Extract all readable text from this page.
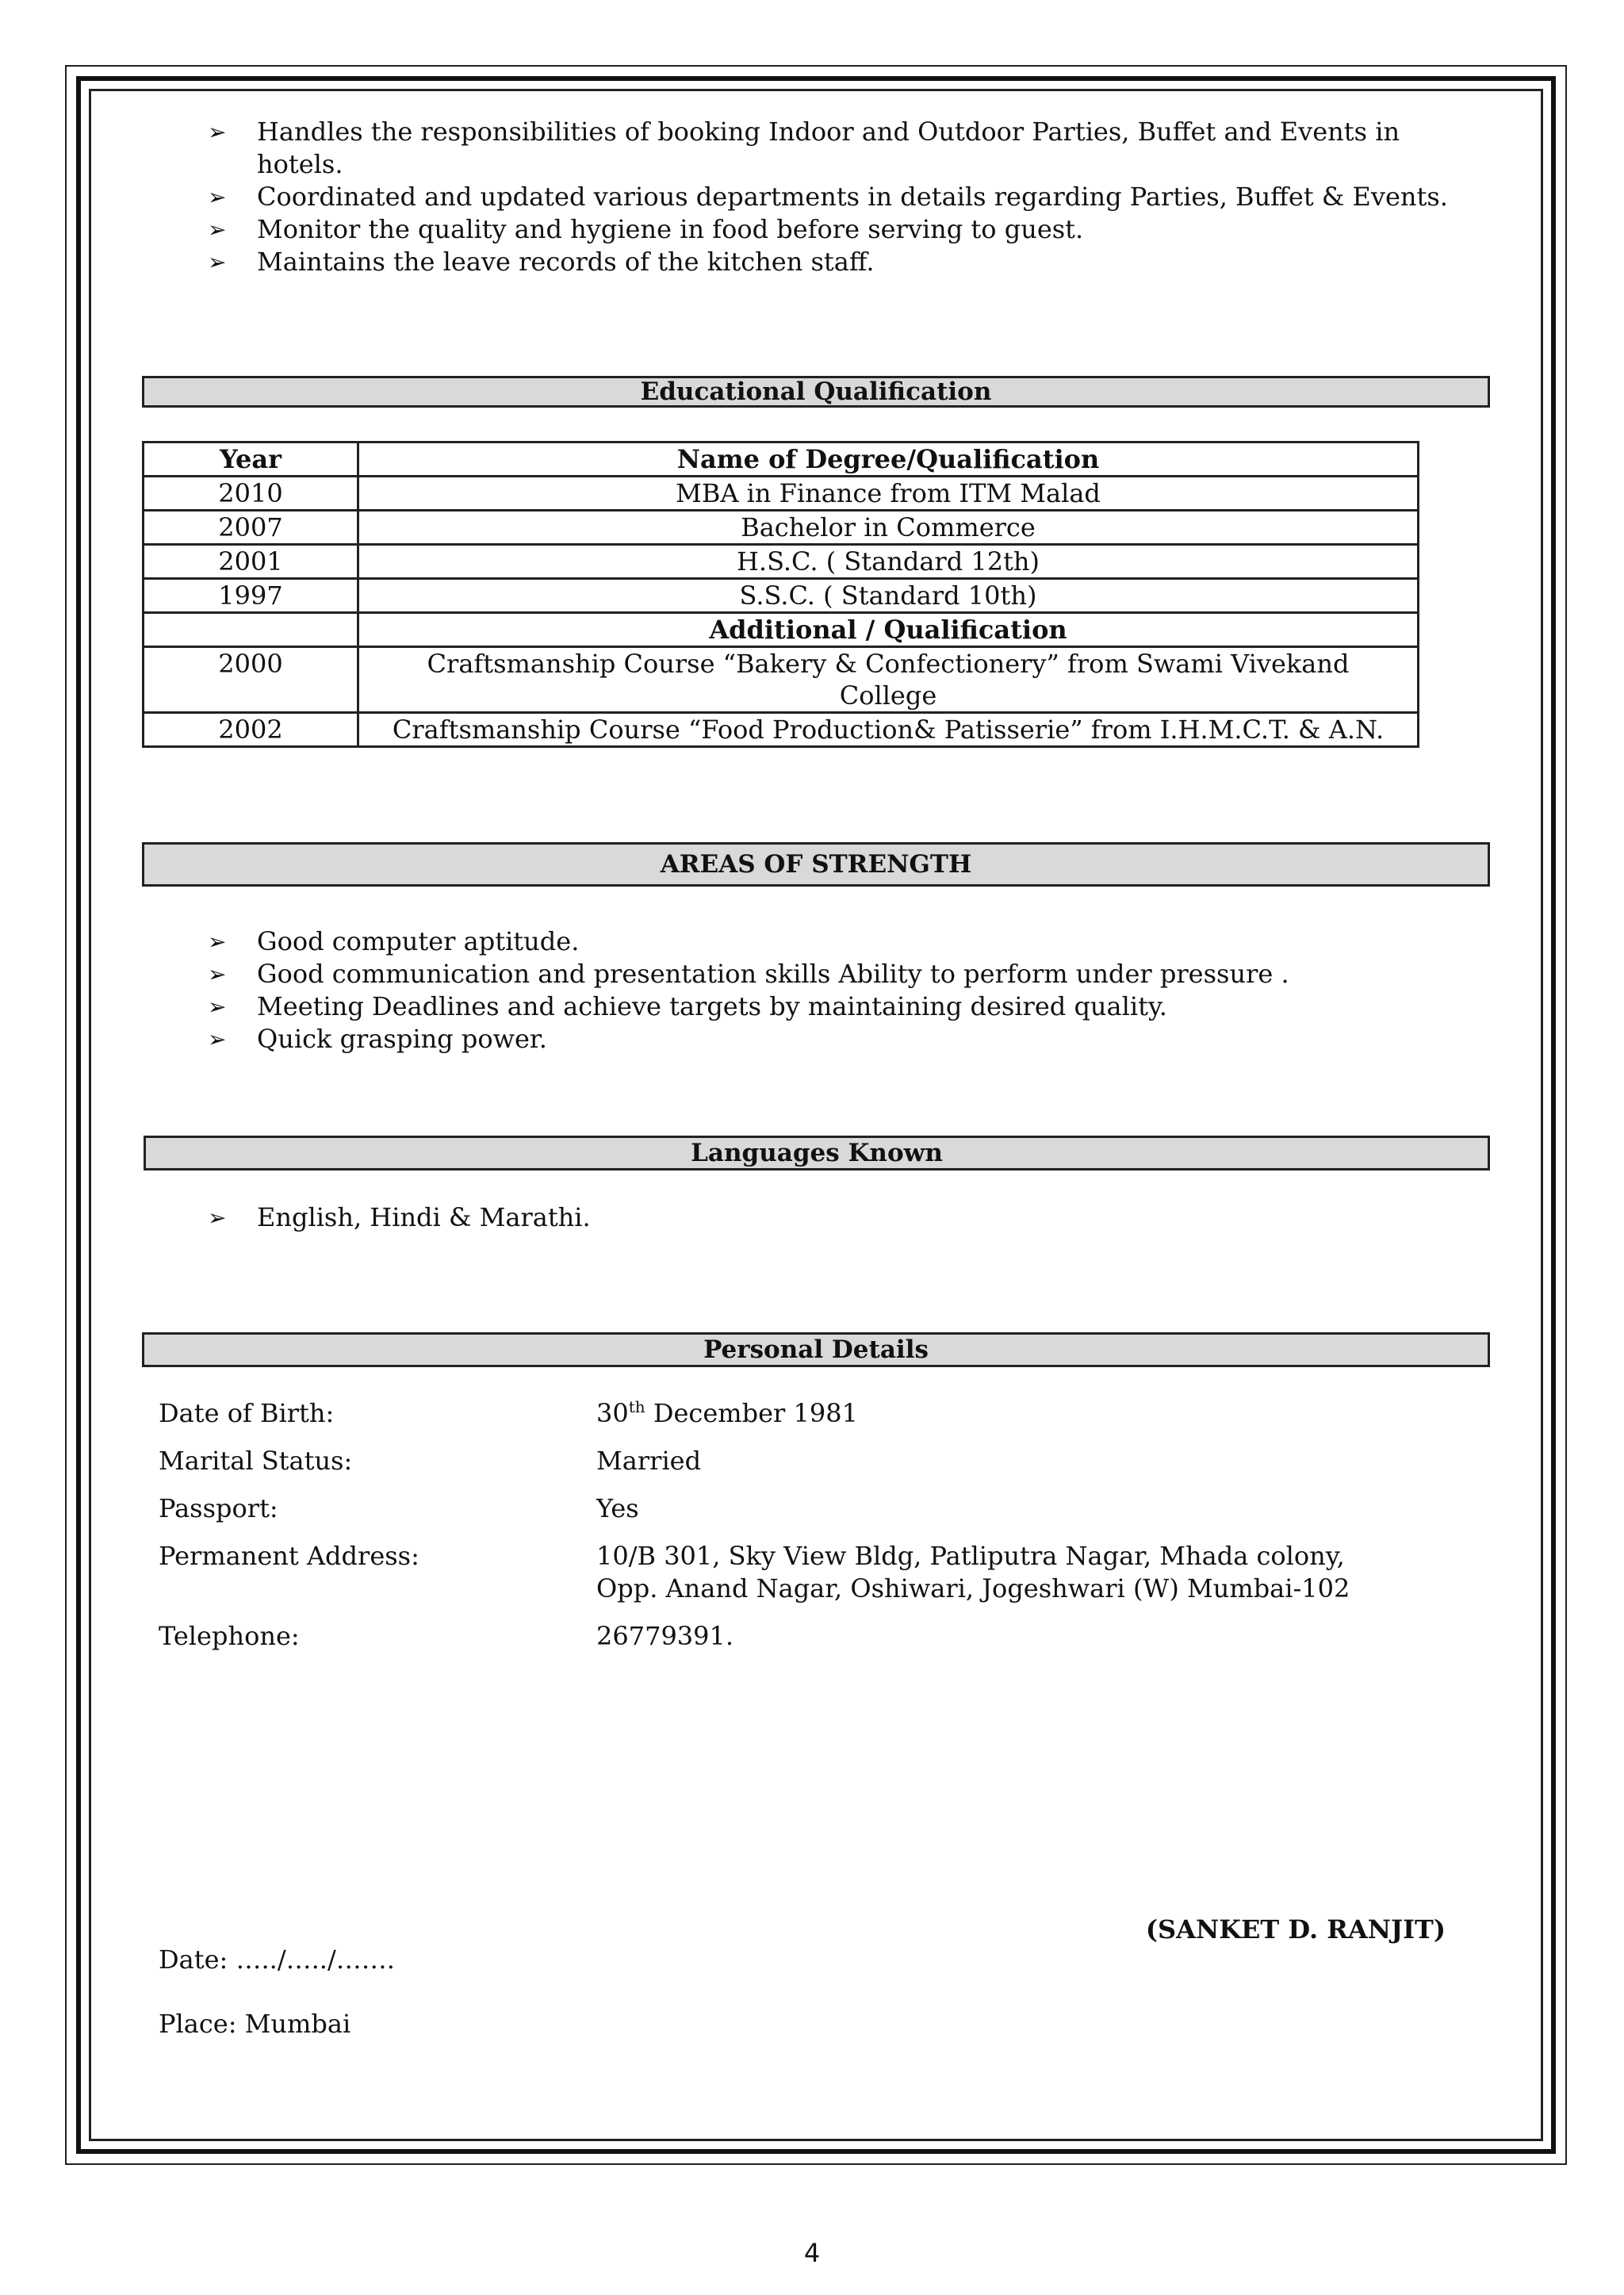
➢ Handles the responsibilities of booking Indoor and Outdoor Parties, Buffet and Events in hotels.
➢ Coordinated and updated various departments in details regarding Parties, Buffet & Events.
➢ Monitor the quality and hygiene in food before serving to guest.
➢ Maintains the leave records of the kitchen staff.
Educational Qualification
Year	Name of Degree/Qualification
2010	MBA in Finance from ITM Malad
2007	Bachelor in Commerce
2001	H.S.C. ( Standard 12th)
1997	S.S.C. ( Standard 10th)
	Additional / Qualification
2000	Craftsmanship Course “Bakery & Confectionery” from Swami Vivekand College
2002	Craftsmanship Course “Food Production& Patisserie” from I.H.M.C.T. & A.N.
AREAS OF STRENGTH
➢ Good computer aptitude.
➢ Good communication and presentation skills Ability to perform under pressure .
➢ Meeting Deadlines and achieve targets by maintaining desired quality.
➢ Quick grasping power.
Languages Known
➢ English, Hindi & Marathi.
Personal Details
Date of Birth:	30th December 1981
Marital Status:	Married
Passport:	Yes
Permanent Address:	10/B 301, Sky View Bldg, Patliputra Nagar, Mhada colony,
Opp. Anand Nagar, Oshiwari, Jogeshwari (W) Mumbai-102
Telephone:	26779391.
(SANKET D. RANJIT)
Date: …../…../…….
Place: Mumbai
4
